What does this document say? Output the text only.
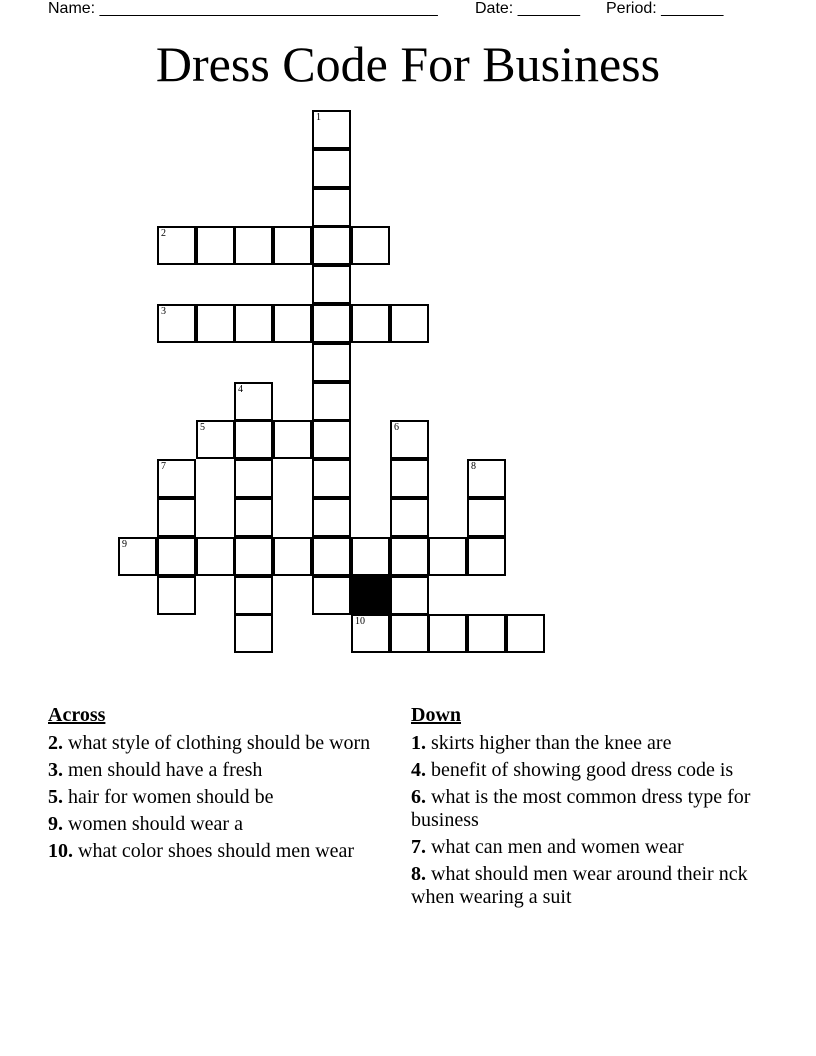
Name: ______________________________________ Date: _______ Period: _______
Dress Code For Business
1
2
3
4
5	6
7	8
9
10
Across
2. what style of clothing should be worn
3. men should have a fresh
5. hair for women should be
9. women should wear a
10. what color shoes should men wear
Down
1. skirts higher than the knee are
4. benefit of showing good dress code is
6. what is the most common dress type for business
7. what can men and women wear
8. what should men wear around their nck when wearing a suit
